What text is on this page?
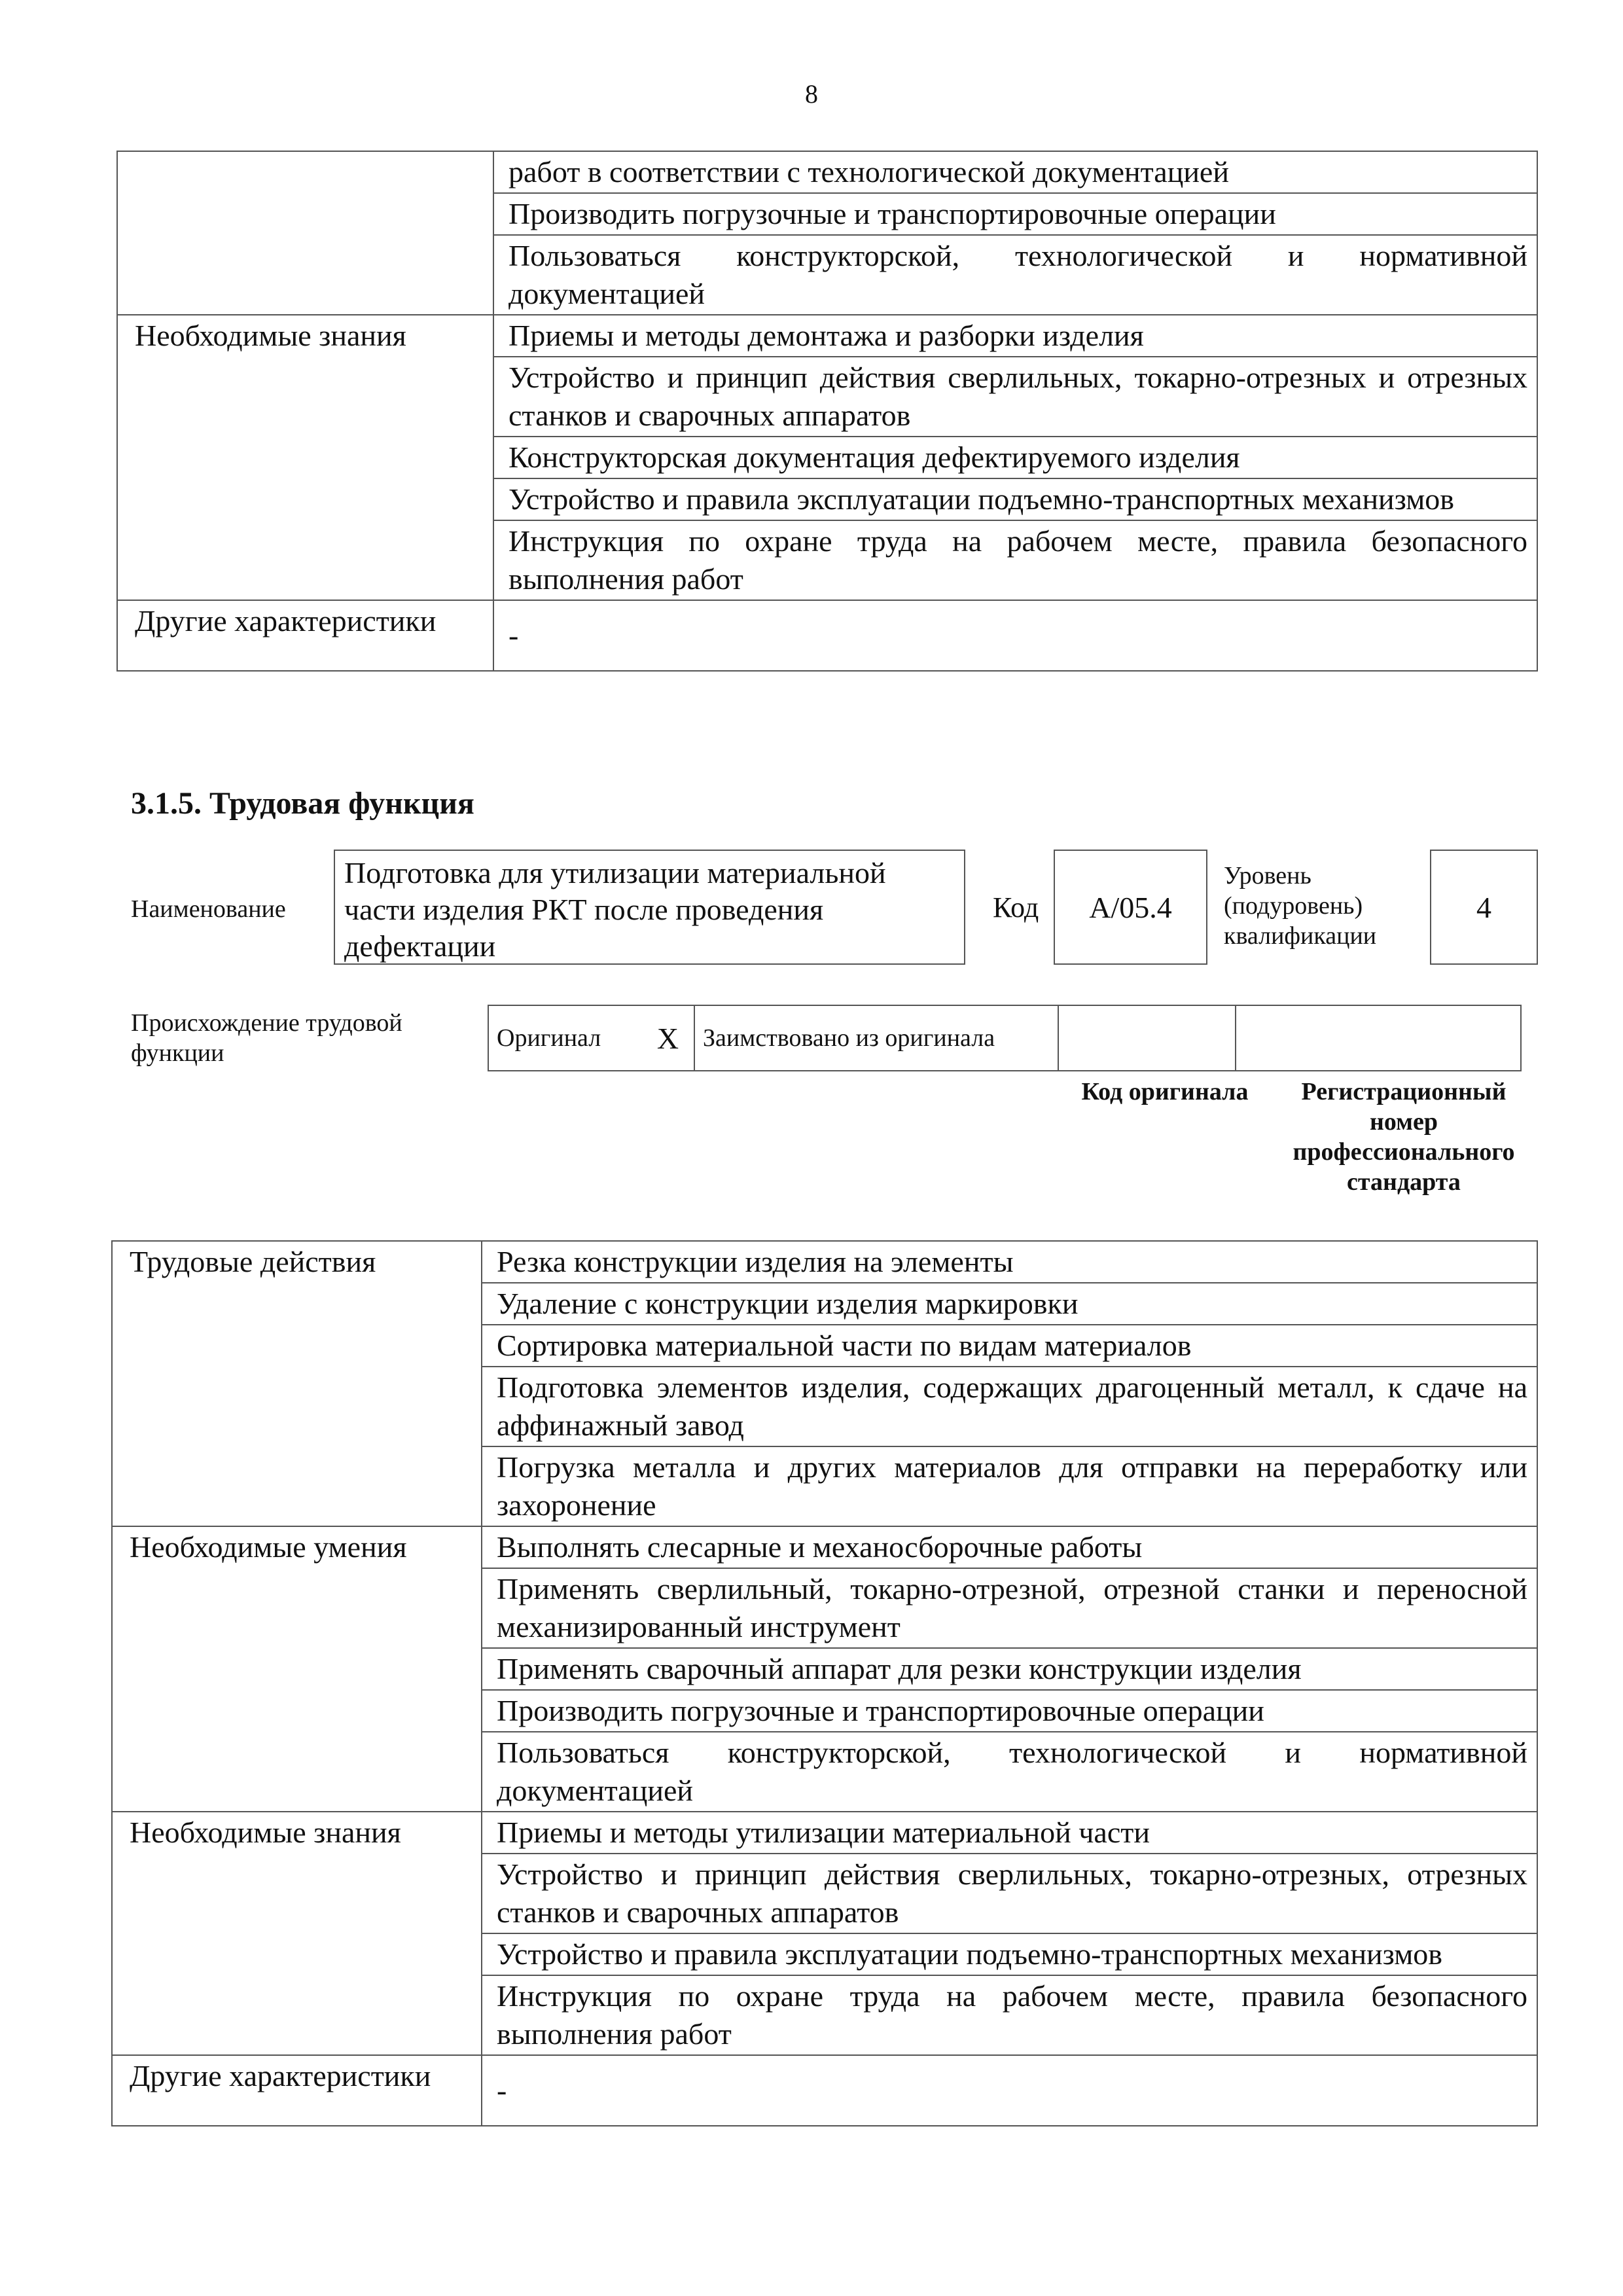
8
	работ в соответствии с технологической документацией
	Производить погрузочные и транспортировочные операции
	Пользоваться конструкторской, технологической и нормативной документацией
Необходимые знания	Приемы и методы демонтажа и разборки изделия
	Устройство и принцип действия сверлильных, токарно-отрезных и отрезных станков и сварочных аппаратов
	Конструкторская документация дефектируемого изделия
	Устройство и правила эксплуатации подъемно-транспортных механизмов
	Инструкция по охране труда на рабочем месте, правила безопасного выполнения работ
Другие характеристики	-
3.1.5. Трудовая функция
Наименование
Подготовка для утилизации материальной части изделия РКТ после проведения дефектации
Код A/05.4
Уровень (подуровень) квалификации
4
Происхождение трудовой функции
Оригинал	X	Заимствовано из оригинала		
Код оригинала	Регистрационный номер профессионального стандарта
Трудовые действия	Резка конструкции изделия на элементы
	Удаление с конструкции изделия маркировки
	Сортировка материальной части по видам материалов
	Подготовка элементов изделия, содержащих драгоценный металл, к сдаче на аффинажный завод
	Погрузка металла и других материалов для отправки на переработку или захоронение
Необходимые умения	Выполнять слесарные и механосборочные работы
	Применять сверлильный, токарно-отрезной, отрезной станки и переносной механизированный инструмент
	Применять сварочный аппарат для резки конструкции изделия
	Производить погрузочные и транспортировочные операции
	Пользоваться конструкторской, технологической и нормативной документацией
Необходимые знания	Приемы и методы утилизации материальной части
	Устройство и принцип действия сверлильных, токарно-отрезных, отрезных станков и сварочных аппаратов
	Устройство и правила эксплуатации подъемно-транспортных механизмов
	Инструкция по охране труда на рабочем месте, правила безопасного выполнения работ
Другие характеристики	-
